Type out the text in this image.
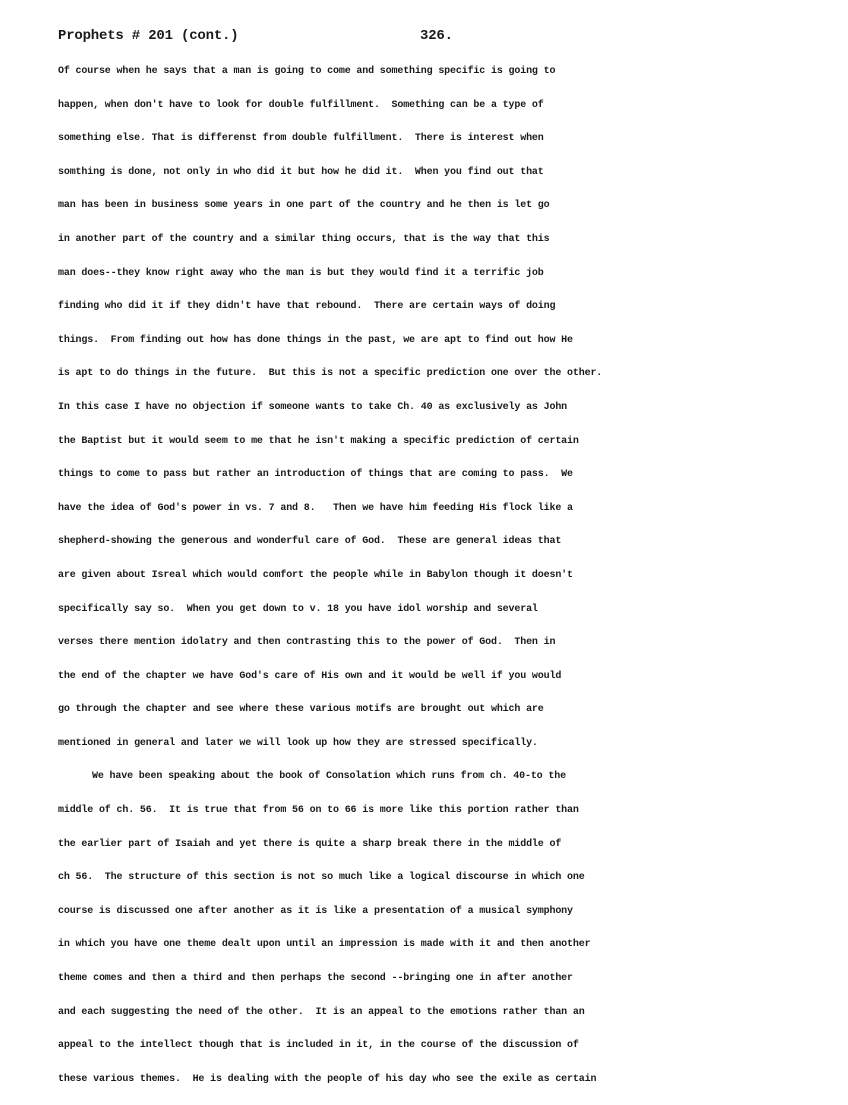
Prophets # 201 (cont.)	326.
Of course when he says that a man is going to come and something specific is going to
happen, when don't have to look for double fulfillment.  Something can be a type of
something else. That is differenst from double fulfillment.  There is interest when
somthing is done, not only in who did it but how he did it.  When you find out that
man has been in business some years in one part of the country and he then is let go
in another part of the country and a similar thing occurs, that is the way that this
man does--they know right away who the man is but they would find it a terrific job
finding who did it if they didn't have that rebound.  There are certain ways of doing
things.  From finding out how has done things in the past, we are apt to find out how He
is apt to do things in the future.  But this is not a specific prediction one over the other.
In this case I have no objection if someone wants to take Ch. 40 as exclusively as John
the Baptist but it would seem to me that he isn't making a specific prediction of certain
things to come to pass but rather an introduction of things that are coming to pass.  We
have the idea of God's power in vs. 7 and 8.   Then we have him feeding His flock like a
shepherd-showing the generous and wonderful care of God.  These are general ideas that
are given about Isreal which would comfort the people while in Babylon though it doesn't
specifically say so.  When you get down to v. 18 you have idol worship and several
verses there mention idolatry and then contrasting this to the power of God.  Then in
the end of the chapter we have God's care of His own and it would be well if you would
go through the chapter and see where these various motifs are brought out which are
mentioned in general and later we will look up how they are stressed specifically.
We have been speaking about the book of Consolation which runs from ch. 40-to the
middle of ch. 56.  It is true that from 56 on to 66 is more like this portion rather than
the earlier part of Isaiah and yet there is quite a sharp break there in the middle of
ch 56.  The structure of this section is not so much like a logical discourse in which one
course is discussed one after another as it is like a presentation of a musical symphony
in which you have one theme dealt upon until an impression is made with it and then another
theme comes and then a third and then perhaps the second --bringing one in after another
and each suggesting the need of the other.  It is an appeal to the emotions rather than an
appeal to the intellect though that is included in it, in the course of the discussion of
these various themes.  He is dealing with the people of his day who see the exile as certain
